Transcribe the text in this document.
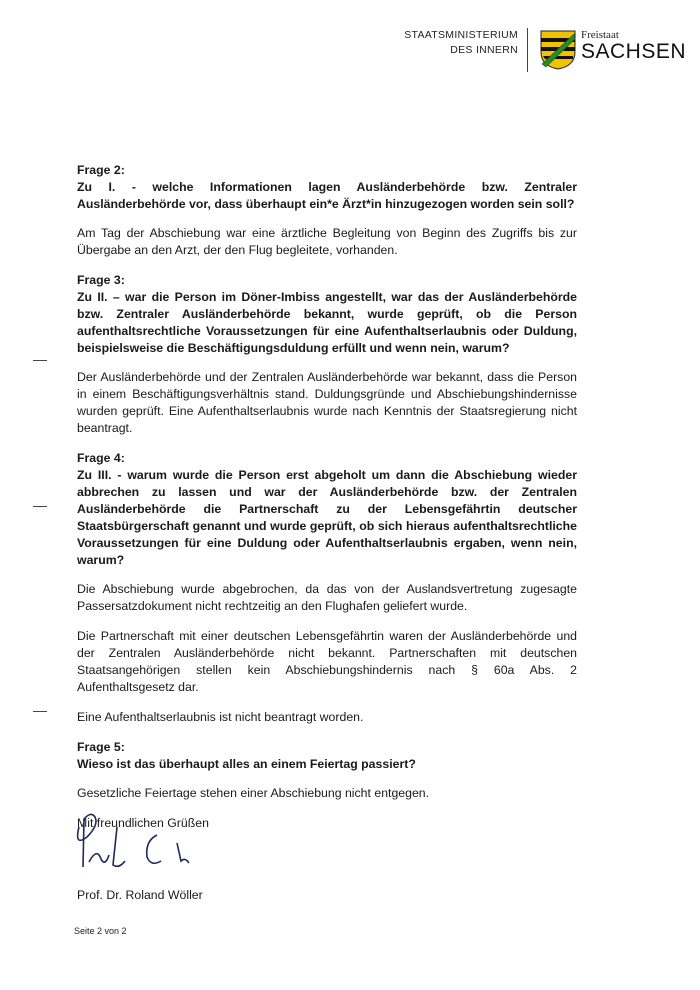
STAATSMINISTERIUM
DES INNERN
Freistaat
SACHSEN
Frage 2:
Zu I. - welche Informationen lagen Ausländerbehörde bzw. Zentraler Ausländerbehörde vor, dass überhaupt ein*e Ärzt*in hinzugezogen worden sein soll?
Am Tag der Abschiebung war eine ärztliche Begleitung von Beginn des Zugriffs bis zur Übergabe an den Arzt, der den Flug begleitete, vorhanden.
Frage 3:
Zu II. – war die Person im Döner-Imbiss angestellt, war das der Ausländerbehörde bzw. Zentraler Ausländerbehörde bekannt, wurde geprüft, ob die Person aufenthaltsrechtliche Voraussetzungen für eine Aufenthaltserlaubnis oder Duldung, beispielsweise die Beschäftigungsduldung erfüllt und wenn nein, warum?
Der Ausländerbehörde und der Zentralen Ausländerbehörde war bekannt, dass die Person in einem Beschäftigungsverhältnis stand. Duldungsgründe und Abschiebungshindernisse wurden geprüft. Eine Aufenthaltserlaubnis wurde nach Kenntnis der Staatsregierung nicht beantragt.
Frage 4:
Zu III. - warum wurde die Person erst abgeholt um dann die Abschiebung wieder abbrechen zu lassen und war der Ausländerbehörde bzw. der Zentralen Ausländerbehörde die Partnerschaft zu der Lebensgefährtin deutscher Staatsbürgerschaft genannt und wurde geprüft, ob sich hieraus aufenthaltsrechtliche Voraussetzungen für eine Duldung oder Aufenthaltserlaubnis ergaben, wenn nein, warum?
Die Abschiebung wurde abgebrochen, da das von der Auslandsvertretung zugesagte Passersatzdokument nicht rechtzeitig an den Flughafen geliefert wurde.
Die Partnerschaft mit einer deutschen Lebensgefährtin waren der Ausländerbehörde und der Zentralen Ausländerbehörde nicht bekannt. Partnerschaften mit deutschen Staatsangehörigen stellen kein Abschiebungshindernis nach § 60a Abs. 2 Aufenthaltsgesetz dar.
Eine Aufenthaltserlaubnis ist nicht beantragt worden.
Frage 5:
Wieso ist das überhaupt alles an einem Feiertag passiert?
Gesetzliche Feiertage stehen einer Abschiebung nicht entgegen.
Mit freundlichen Grüßen
Prof. Dr. Roland Wöller
Seite 2 von 2
